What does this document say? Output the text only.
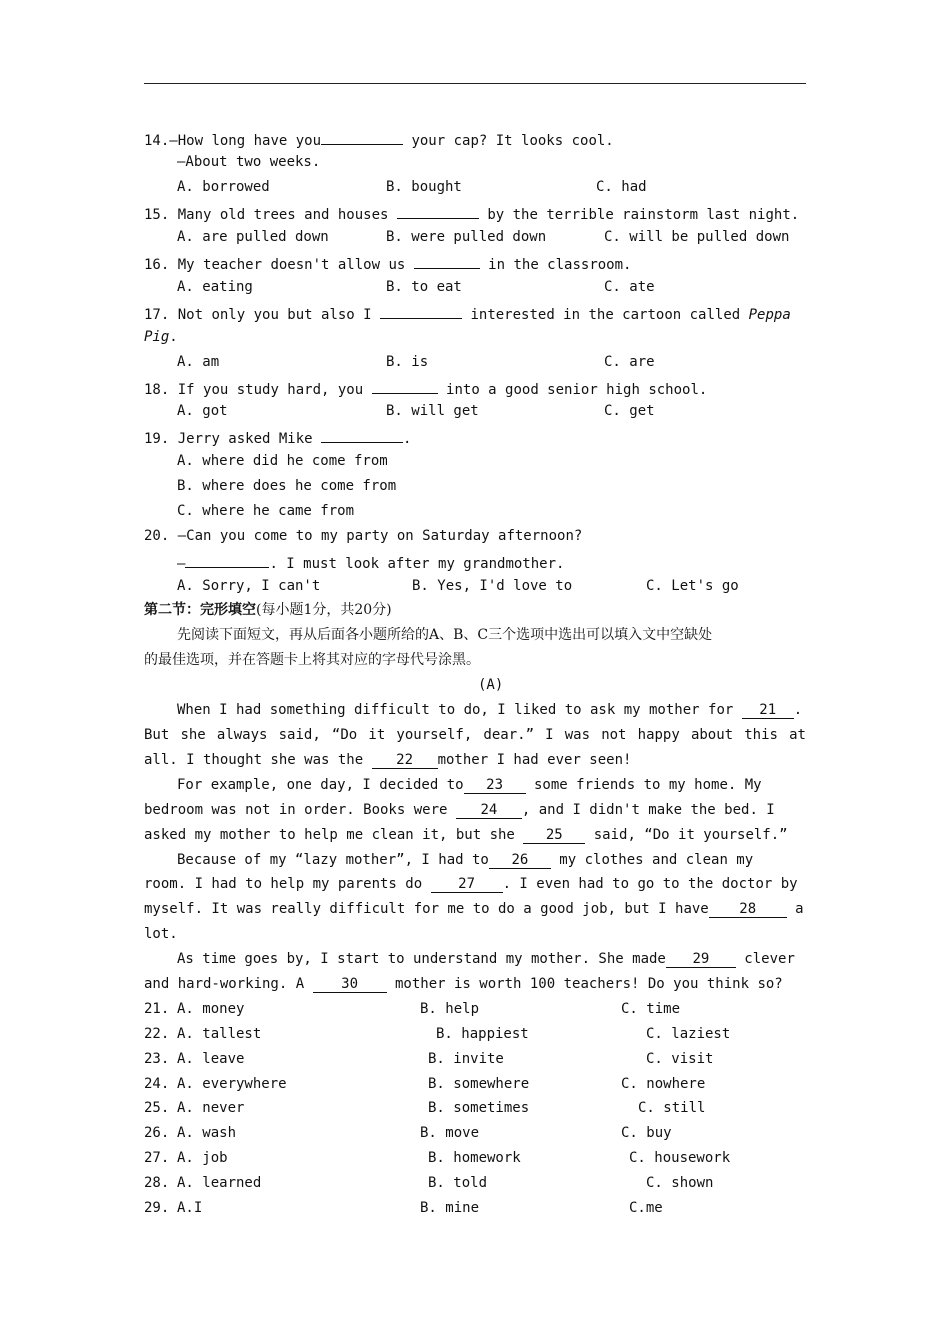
14.—How long have you	your cap? It looks cool.
—About two weeks.
A. borrowed	B. bought	C. had
15. Many old trees and houses	by the terrible rainstorm last night.
A. are pulled down	B. were pulled down	C. will be pulled down
16. My teacher doesn't allow us	in the classroom.
A. eating	B. to eat	C. ate
17. Not only you but also I	interested in the cartoon called Peppa
Pig.
A. am	B. is	C. are
18. If you study hard, you	into a good senior high school.
A. got	B. will get	C. get
19. Jerry asked Mike	.
A. where did he come from
B. where does he come from
C. where he came from
20. —Can you come to my party on Saturday afternoon?
—	. I must look after my grandmother.
A. Sorry, I can't	B. Yes, I'd love to	C. Let's go
第二节：完形填空(每小题1分，共20分)
先阅读下面短文，再从后面各小题所给的A、B、C三个选项中选出可以填入文中空缺处
的最佳选项，并在答题卡上将其对应的字母代号涂黑。
(A)
When I had something difficult to do, I liked to ask my mother for 21 .
But she always said, “Do it yourself, dear.” I was not happy about this at
all. I thought she was the 22 mother I had ever seen!
For example, one day, I decided to 23 some friends to my home. My
bedroom was not in order. Books were 24 , and I didn't make the bed. I
asked my mother to help me clean it, but she 25 said, “Do it yourself.”
Because of my “lazy mother”, I had to 26 my clothes and clean my
room. I had to help my parents do 27 . I even had to go to the doctor by
myself. It was really difficult for me to do a good job, but I have 28 a
lot.
As time goes by, I start to understand my mother. She made 29 clever
and hard-working. A 30 mother is worth 100 teachers! Do you think so?
21. A. money	B. help	C. time
22. A. tallest	B. happiest	C. laziest
23. A. leave	B. invite	C. visit
24. A. everywhere	B. somewhere	C. nowhere
25. A. never	B. sometimes	C. still
26. A. wash	B. move	C. buy
27. A. job	B. homework	C. housework
28. A. learned	B. told	C. shown
29. A.I	B. mine	C.me
